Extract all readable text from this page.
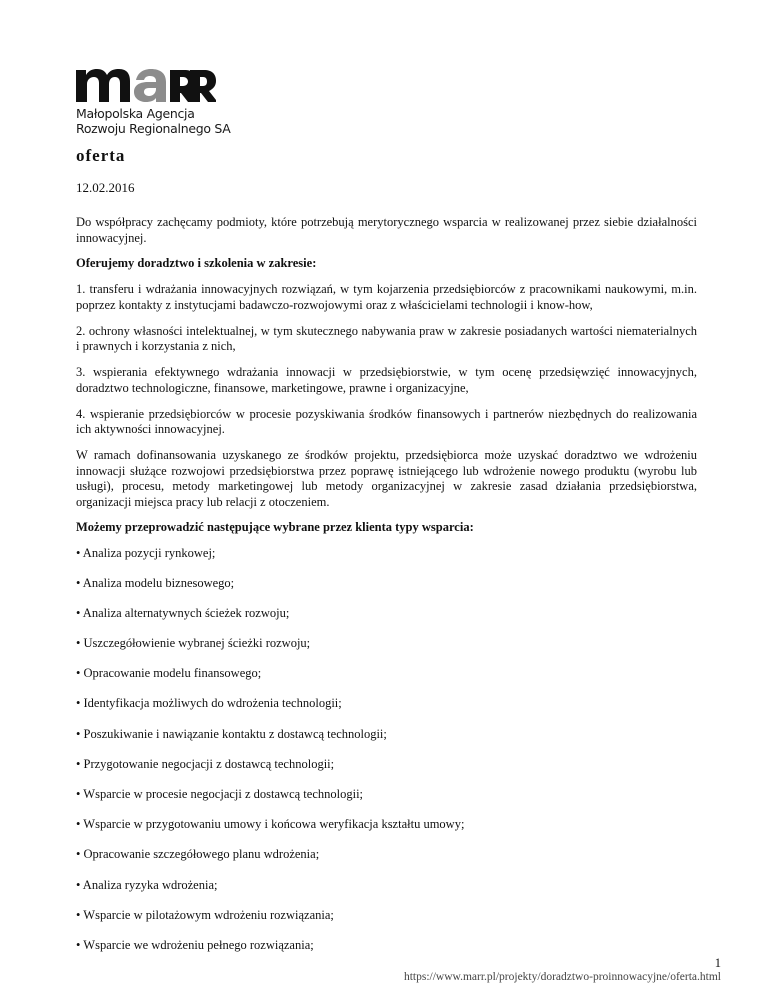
Małopolska Agencja
Rozwoju Regionalnego SA
oferta
12.02.2016

Do współpracy zachęcamy podmioty, które potrzebują merytorycznego wsparcia w realizowanej przez siebie działalności innowacyjnej.

Oferujemy doradztwo i szkolenia w zakresie:

1. transferu i wdrażania innowacyjnych rozwiązań, w tym kojarzenia przedsiębiorców z pracownikami naukowymi, m.in. poprzez kontakty z instytucjami badawczo-rozwojowymi oraz z właścicielami technologii i know-how,

2. ochrony własności intelektualnej, w tym skutecznego nabywania praw w zakresie posiadanych wartości niematerialnych i prawnych i korzystania z nich,

3. wspierania efektywnego wdrażania innowacji w przedsiębiorstwie, w tym ocenę przedsięwzięć innowacyjnych, doradztwo technologiczne, finansowe, marketingowe, prawne i organizacyjne,

4. wspieranie przedsiębiorców w procesie pozyskiwania środków finansowych i partnerów niezbędnych do realizowania ich aktywności innowacyjnej.

W ramach dofinansowania uzyskanego ze środków projektu, przedsiębiorca może uzyskać doradztwo we wdrożeniu innowacji służące rozwojowi przedsiębiorstwa przez poprawę istniejącego lub wdrożenie nowego produktu (wyrobu lub usługi), procesu, metody marketingowej lub metody organizacyjnej w zakresie zasad działania przedsiębiorstwa, organizacji miejsca pracy lub relacji z otoczeniem.

Możemy przeprowadzić następujące wybrane przez klienta typy wsparcia:
• Analiza pozycji rynkowej;
• Analiza modelu biznesowego;
• Analiza alternatywnych ścieżek rozwoju;
• Uszczegółowienie wybranej ścieżki rozwoju;
• Opracowanie modelu finansowego;
• Identyfikacja możliwych do wdrożenia technologii;
• Poszukiwanie i nawiązanie kontaktu z dostawcą technologii;
• Przygotowanie negocjacji z dostawcą technologii;
• Wsparcie w procesie negocjacji z dostawcą technologii;
• Wsparcie w przygotowaniu umowy i końcowa weryfikacja kształtu umowy;
• Opracowanie szczegółowego planu wdrożenia;
• Analiza ryzyka wdrożenia;
• Wsparcie w pilotażowym wdrożeniu rozwiązania;
• Wsparcie we wdrożeniu pełnego rozwiązania;
1
https://www.marr.pl/projekty/doradztwo-proinnowacyjne/oferta.html
